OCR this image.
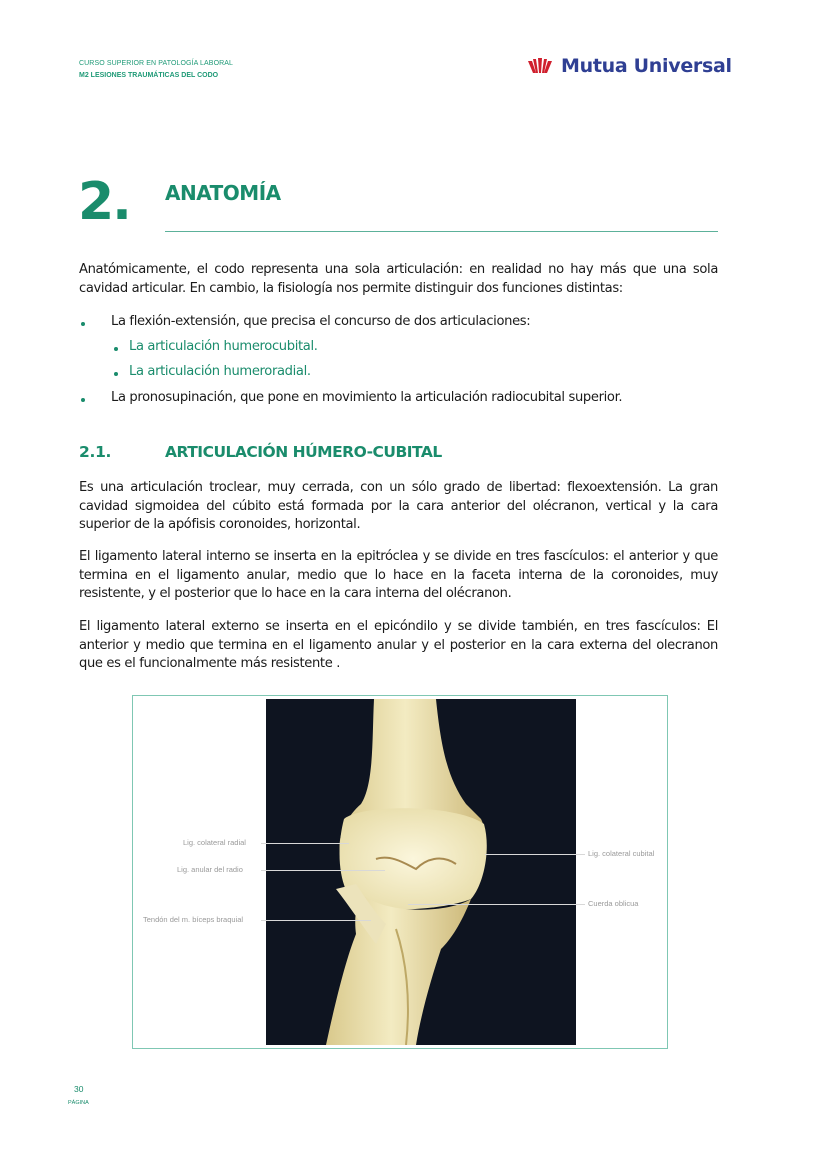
CURSO SUPERIOR EN PATOLOGÍA LABORAL
M2 LESIONES TRAUMÁTICAS DEL CODO	Mutua Universal
2. ANATOMÍA

Anatómicamente, el codo representa una sola articulación: en realidad no hay más que una sola cavidad articular. En cambio, la fisiología nos permite distinguir dos funciones distintas:

La flexión-extensión, que precisa el concurso de dos articulaciones:
La articulación humerocubital.
La articulación humeroradial.
La pronosupinación, que pone en movimiento la articulación radiocubital superior.
2.1.	ARTICULACIÓN HÚMERO-CUBITAL

Es una articulación troclear, muy cerrada, con un sólo grado de libertad: flexoextensión. La gran cavidad sigmoidea del cúbito está formada por la cara anterior del olécranon, vertical y la cara superior de la apófisis coronoides, horizontal.

El ligamento lateral interno se inserta en la epitróclea y se divide en tres fascículos: el anterior y que termina en el ligamento anular, medio que lo hace en la faceta interna de la coronoides, muy resistente, y el posterior que lo hace en la cara interna del olécranon.

El ligamento lateral externo se inserta en el epicóndilo y se divide también, en tres fascículos: El anterior y medio que termina en el ligamento anular y el posterior en la cara externa del olecranon que es el funcionalmente más resistente .

Lig. colateral radial
Lig. anular del radio
Tendón del m. bíceps braquial
Lig. colateral cubital
Cuerda oblicua
30
PÁGINA
